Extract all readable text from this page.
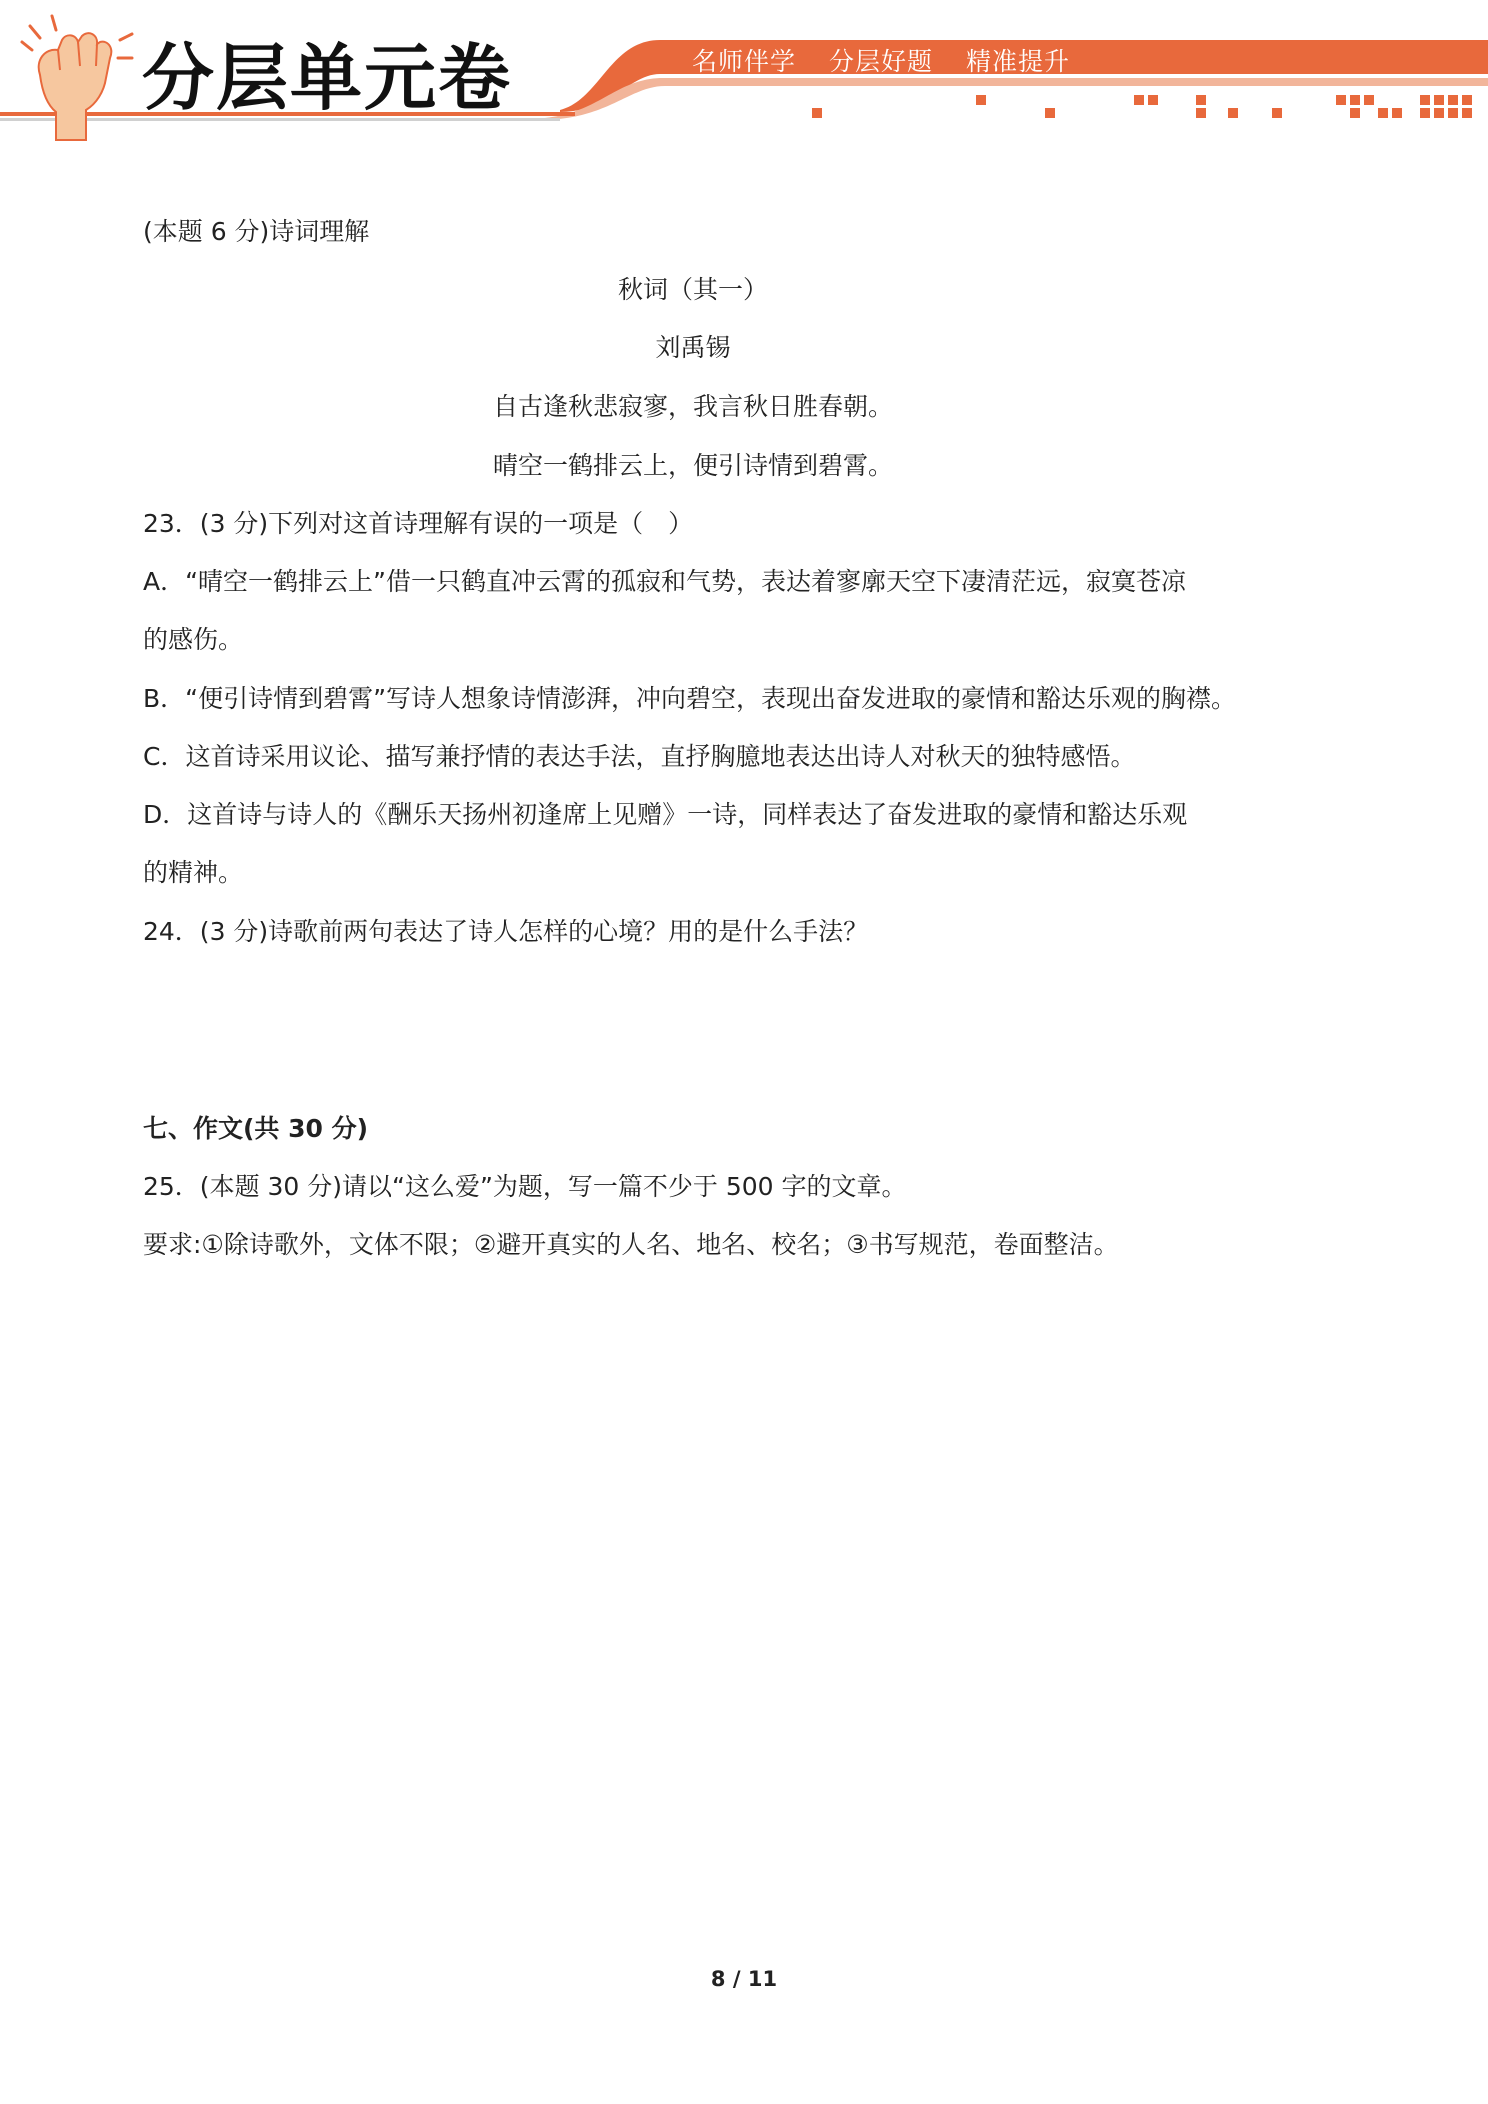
分层单元卷	名师伴学 分层好题 精准提升
(本题 6 分)诗词理解
秋词（其一）
刘禹锡
自古逢秋悲寂寥，我言秋日胜春朝。
晴空一鹤排云上，便引诗情到碧霄。
23．(3 分)下列对这首诗理解有误的一项是（　）
A．“晴空一鹤排云上”借一只鹤直冲云霄的孤寂和气势，表达着寥廓天空下凄清茫远，寂寞苍凉
的感伤。
B．“便引诗情到碧霄”写诗人想象诗情澎湃，冲向碧空，表现出奋发进取的豪情和豁达乐观的胸襟。
C．这首诗采用议论、描写兼抒情的表达手法，直抒胸臆地表达出诗人对秋天的独特感悟。
D．这首诗与诗人的《酬乐天扬州初逢席上见赠》一诗，同样表达了奋发进取的豪情和豁达乐观
的精神。
24．(3 分)诗歌前两句表达了诗人怎样的心境？用的是什么手法？
七、作文(共 30 分)
25．(本题 30 分)请以“这么爱”为题，写一篇不少于 500 字的文章。
要求:①除诗歌外，文体不限；②避开真实的人名、地名、校名；③书写规范，卷面整洁。
8 / 11
